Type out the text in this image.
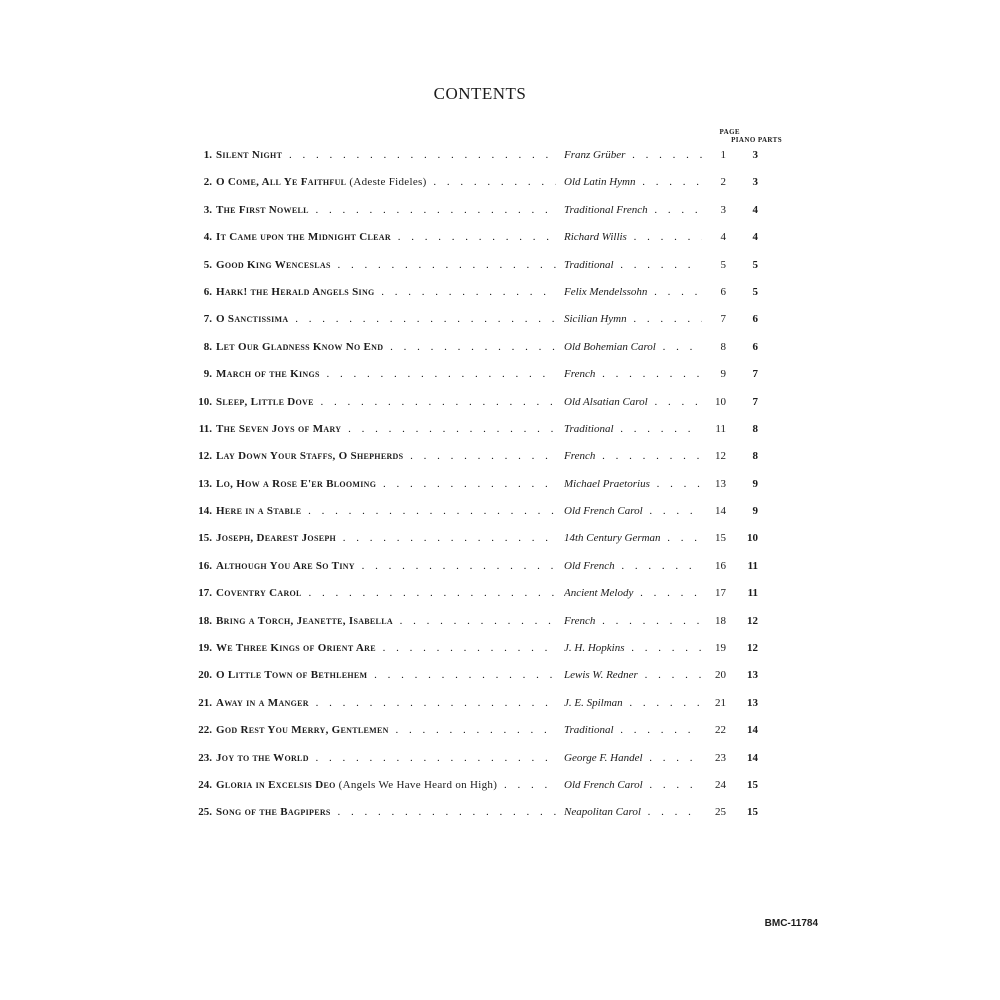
CONTENTS
PAGE
PIANO PARTS
1. Silent Night . . .	Franz Grüber . . .	1	3
2. O Come, All Ye Faithful (Adeste Fideles) . . .	Old Latin Hymn . . .	2	3
3. The First Nowell . . .	Traditional French . . .	3	4
4. It Came upon the Midnight Clear . . .	Richard Willis . . .	4	4
5. Good King Wenceslas . . .	Traditional . . .	5	5
6. Hark! the Herald Angels Sing . . .	Felix Mendelssohn . . .	6	5
7. O Sanctissima . . .	Sicilian Hymn . . .	7	6
8. Let Our Gladness Know No End . . .	Old Bohemian Carol . . .	8	6
9. March of the Kings . . .	French . . .	9	7
10. Sleep, Little Dove . . .	Old Alsatian Carol . . .	10	7
11. The Seven Joys of Mary . . .	Traditional . . .	11	8
12. Lay Down Your Staffs, O Shepherds . . .	French . . .	12	8
13. Lo, How a Rose E'er Blooming . . .	Michael Praetorius . . .	13	9
14. Here in a Stable . . .	Old French Carol . . .	14	9
15. Joseph, Dearest Joseph . . .	14th Century German . . .	15	10
16. Although You Are So Tiny . . .	Old French . . .	16	11
17. Coventry Carol . . .	Ancient Melody . . .	17	11
18. Bring a Torch, Jeanette, Isabella . . .	French . . .	18	12
19. We Three Kings of Orient Are . . .	J. H. Hopkins . . .	19	12
20. O Little Town of Bethlehem . . .	Lewis W. Redner . . .	20	13
21. Away in a Manger . . .	J. E. Spilman . . .	21	13
22. God Rest You Merry, Gentlemen . . .	Traditional . . .	22	14
23. Joy to the World . . .	George F. Handel . . .	23	14
24. Gloria in Excelsis Deo (Angels We Have Heard on High) . . .	Old French Carol . . .	24	15
25. Song of the Bagpipers . . .	Neapolitan Carol . . .	25	15
BMC-11784
